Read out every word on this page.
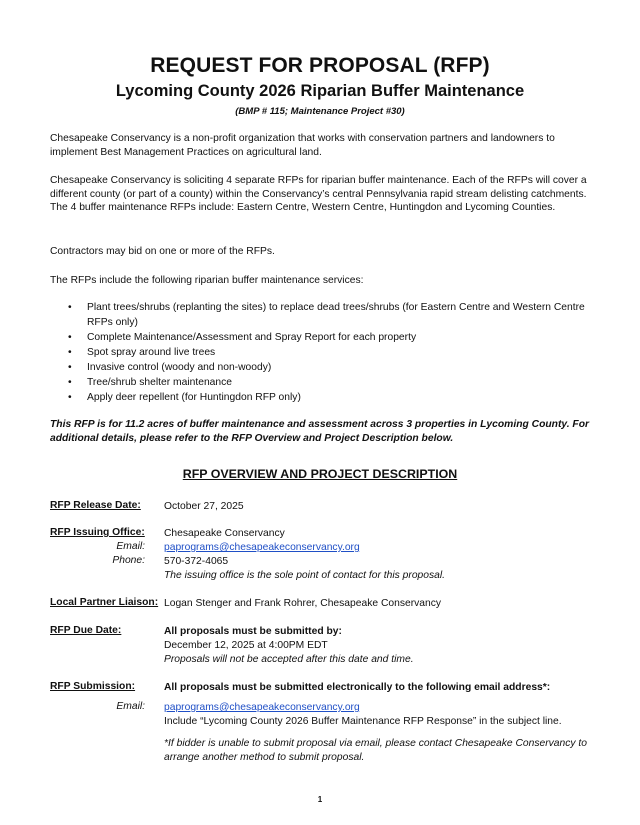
REQUEST FOR PROPOSAL (RFP)
Lycoming County 2026 Riparian Buffer Maintenance
(BMP # 115; Maintenance Project #30)
Chesapeake Conservancy is a non-profit organization that works with conservation partners and landowners to implement Best Management Practices on agricultural land.
Chesapeake Conservancy is soliciting 4 separate RFPs for riparian buffer maintenance. Each of the RFPs will cover a different county (or part of a county) within the Conservancy’s central Pennsylvania rapid stream delisting catchments. The 4 buffer maintenance RFPs include: Eastern Centre, Western Centre, Huntingdon and Lycoming Counties.
Contractors may bid on one or more of the RFPs.
The RFPs include the following riparian buffer maintenance services:
• Plant trees/shrubs (replanting the sites) to replace dead trees/shrubs (for Eastern Centre and Western Centre RFPs only)
• Complete Maintenance/Assessment and Spray Report for each property
• Spot spray around live trees
• Invasive control (woody and non-woody)
• Tree/shrub shelter maintenance
• Apply deer repellent (for Huntingdon RFP only)
This RFP is for 11.2 acres of buffer maintenance and assessment across 3 properties in Lycoming County. For additional details, please refer to the RFP Overview and Project Description below.
RFP OVERVIEW AND PROJECT DESCRIPTION
RFP Release Date: October 27, 2025
RFP Issuing Office: Chesapeake Conservancy
Email: paprograms@chesapeakeconservancy.org
Phone: 570-372-4065
The issuing office is the sole point of contact for this proposal.
Local Partner Liaison: Logan Stenger and Frank Rohrer, Chesapeake Conservancy
RFP Due Date:	All proposals must be submitted by:
December 12, 2025 at 4:00PM EDT
Proposals will not be accepted after this date and time.
RFP Submission:	All proposals must be submitted electronically to the following email address*:
Email: paprograms@chesapeakeconservancy.org
Include “Lycoming County 2026 Buffer Maintenance RFP Response” in the subject line.
*If bidder is unable to submit proposal via email, please contact Chesapeake Conservancy to arrange another method to submit proposal.
1
